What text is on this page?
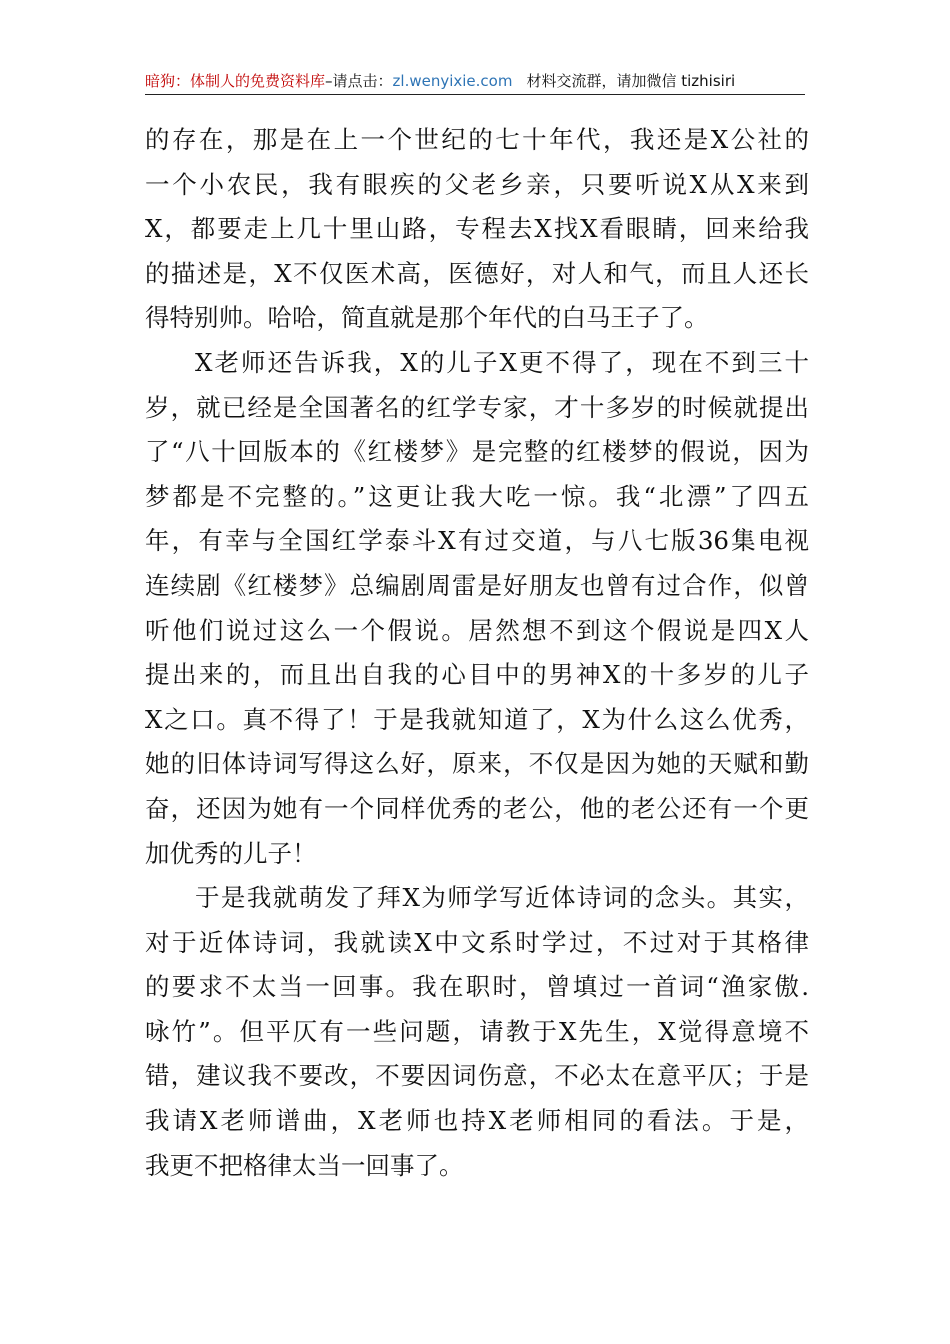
暗狗：体制人的免费资料库–请点击：zl.wenyixie.com 材料交流群，请加微信 tizhisiri
的存在，那是在上一个世纪的七十年代，我还是X公社的
一个小农民，我有眼疾的父老乡亲，只要听说X从X来到
X，都要走上几十里山路，专程去X找X看眼睛，回来给我
的描述是，X不仅医术高，医德好，对人和气，而且人还长
得特别帅。哈哈，简直就是那个年代的白马王子了。
X老师还告诉我，X的儿子X更不得了，现在不到三十
岁，就已经是全国著名的红学专家，才十多岁的时候就提出
了“八十回版本的《红楼梦》是完整的红楼梦的假说，因为
梦都是不完整的。”这更让我大吃一惊。我“北漂”了四五
年，有幸与全国红学泰斗X有过交道，与八七版36集电视
连续剧《红楼梦》总编剧周雷是好朋友也曾有过合作，似曾
听他们说过这么一个假说。居然想不到这个假说是四X人
提出来的，而且出自我的心目中的男神X的十多岁的儿子
X之口。真不得了！于是我就知道了，X为什么这么优秀，
她的旧体诗词写得这么好，原来，不仅是因为她的天赋和勤
奋，还因为她有一个同样优秀的老公，他的老公还有一个更
加优秀的儿子！
于是我就萌发了拜X为师学写近体诗词的念头。其实，
对于近体诗词，我就读X中文系时学过，不过对于其格律
的要求不太当一回事。我在职时，曾填过一首词“渔家傲.
咏竹”。但平仄有一些问题，请教于X先生，X觉得意境不
错，建议我不要改，不要因词伤意，不必太在意平仄；于是
我请X老师谱曲，X老师也持X老师相同的看法。于是，
我更不把格律太当一回事了。
